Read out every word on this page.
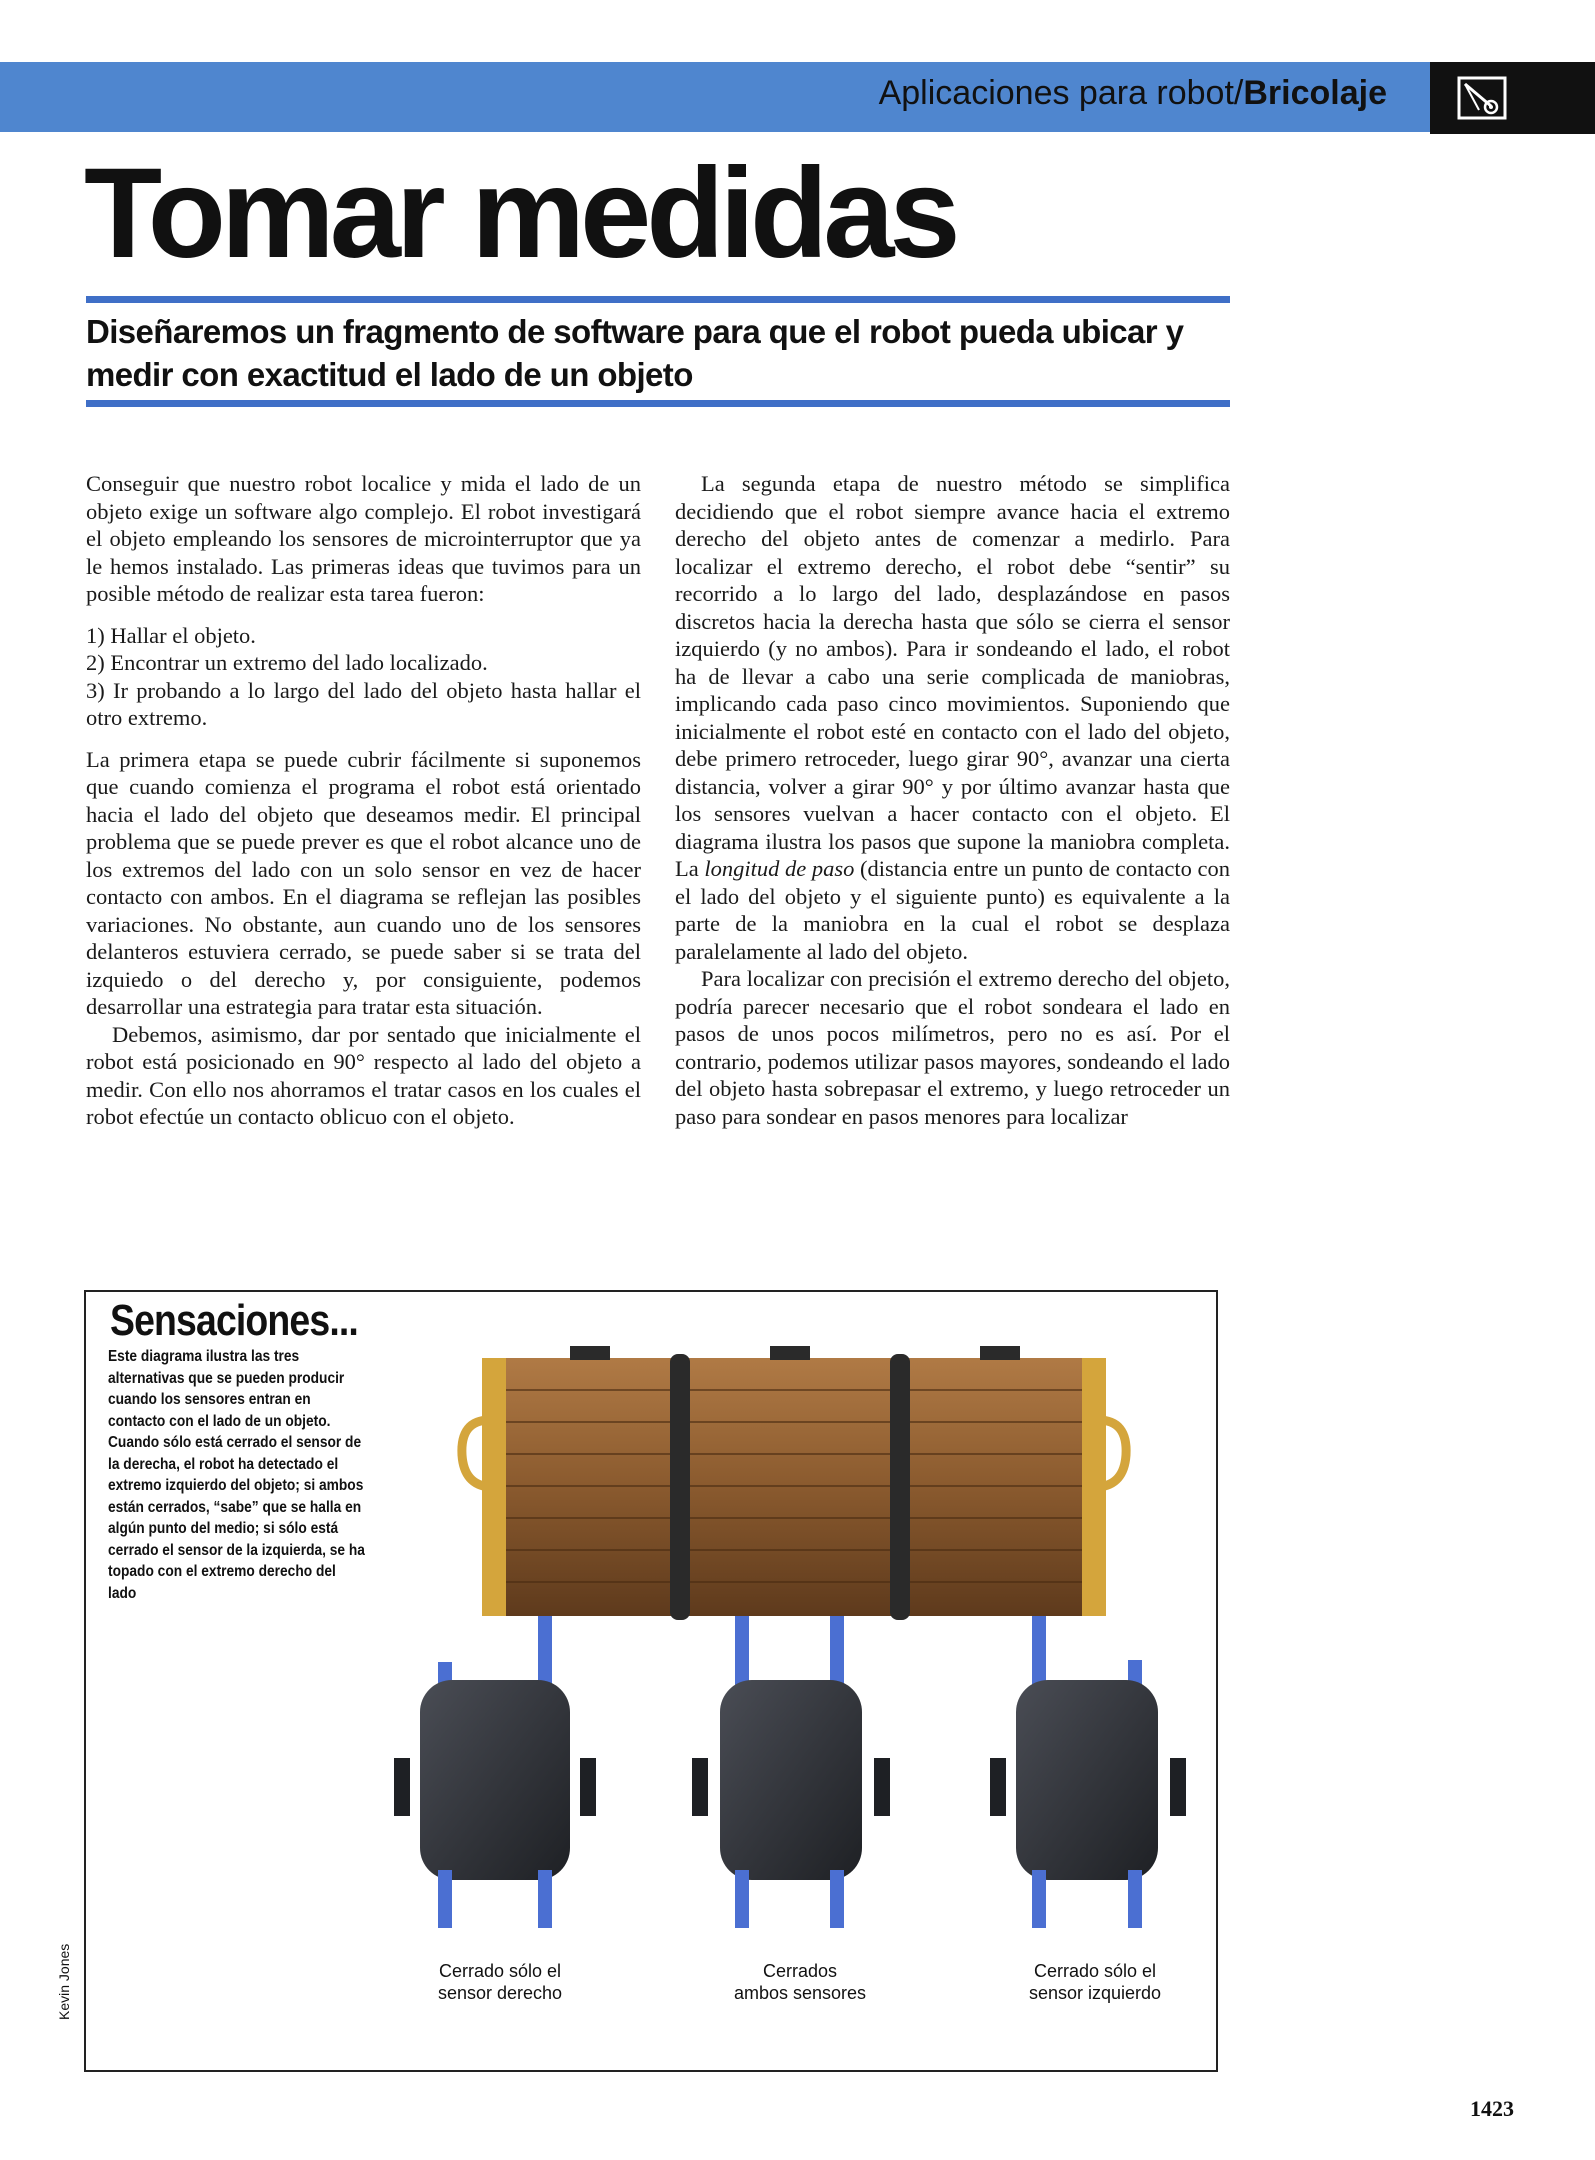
Aplicaciones para robot/Bricolaje
Tomar medidas
Diseñaremos un fragmento de software para que el robot pueda ubicar y medir con exactitud el lado de un objeto

Conseguir que nuestro robot localice y mida el lado de un objeto exige un software algo complejo. El robot investigará el objeto empleando los sensores de microinterruptor que ya le hemos instalado. Las primeras ideas que tuvimos para un posible método de realizar esta tarea fueron:

1) Hallar el objeto.
2) Encontrar un extremo del lado localizado.
3) Ir probando a lo largo del lado del objeto hasta hallar el otro extremo.

La primera etapa se puede cubrir fácilmente si suponemos que cuando comienza el programa el robot está orientado hacia el lado del objeto que deseamos medir. El principal problema que se puede prever es que el robot alcance uno de los extremos del lado con un solo sensor en vez de hacer contacto con ambos. En el diagrama se reflejan las posibles variaciones. No obstante, aun cuando uno de los sensores delanteros estuviera cerrado, se puede saber si se trata del izquiedo o del derecho y, por consiguiente, podemos desarrollar una estrategia para tratar esta situación.

Debemos, asimismo, dar por sentado que inicialmente el robot está posicionado en 90° respecto al lado del objeto a medir. Con ello nos ahorramos el tratar casos en los cuales el robot efectúe un contacto oblicuo con el objeto.

La segunda etapa de nuestro método se simplifica decidiendo que el robot siempre avance hacia el extremo derecho del objeto antes de comenzar a medirlo. Para localizar el extremo derecho, el robot debe “sentir” su recorrido a lo largo del lado, desplazándose en pasos discretos hacia la derecha hasta que sólo se cierra el sensor izquierdo (y no ambos). Para ir sondeando el lado, el robot ha de llevar a cabo una serie complicada de maniobras, implicando cada paso cinco movimientos. Suponiendo que inicialmente el robot esté en contacto con el lado del objeto, debe primero retroceder, luego girar 90°, avanzar una cierta distancia, volver a girar 90° y por último avanzar hasta que los sensores vuelvan a hacer contacto con el objeto. El diagrama ilustra los pasos que supone la maniobra completa. La longitud de paso (distancia entre un punto de contacto con el lado del objeto y el siguiente punto) es equivalente a la parte de la maniobra en la cual el robot se desplaza paralelamente al lado del objeto.

Para localizar con precisión el extremo derecho del objeto, podría parecer necesario que el robot sondeara el lado en pasos de unos pocos milímetros, pero no es así. Por el contrario, podemos utilizar pasos mayores, sondeando el lado del objeto hasta sobrepasar el extremo, y luego retroceder un paso para sondear en pasos menores para localizar

Sensaciones...
Este diagrama ilustra las tres alternativas que se pueden producir cuando los sensores entran en contacto con el lado de un objeto. Cuando sólo está cerrado el sensor de la derecha, el robot ha detectado el extremo izquierdo del objeto; si ambos están cerrados, “sabe” que se halla en algún punto del medio; si sólo está cerrado el sensor de la izquierda, se ha topado con el extremo derecho del lado
Cerrado sólo el
sensor derecho
Cerrados
ambos sensores
Cerrado sólo el
sensor izquierdo
Kevin Jones
1423
